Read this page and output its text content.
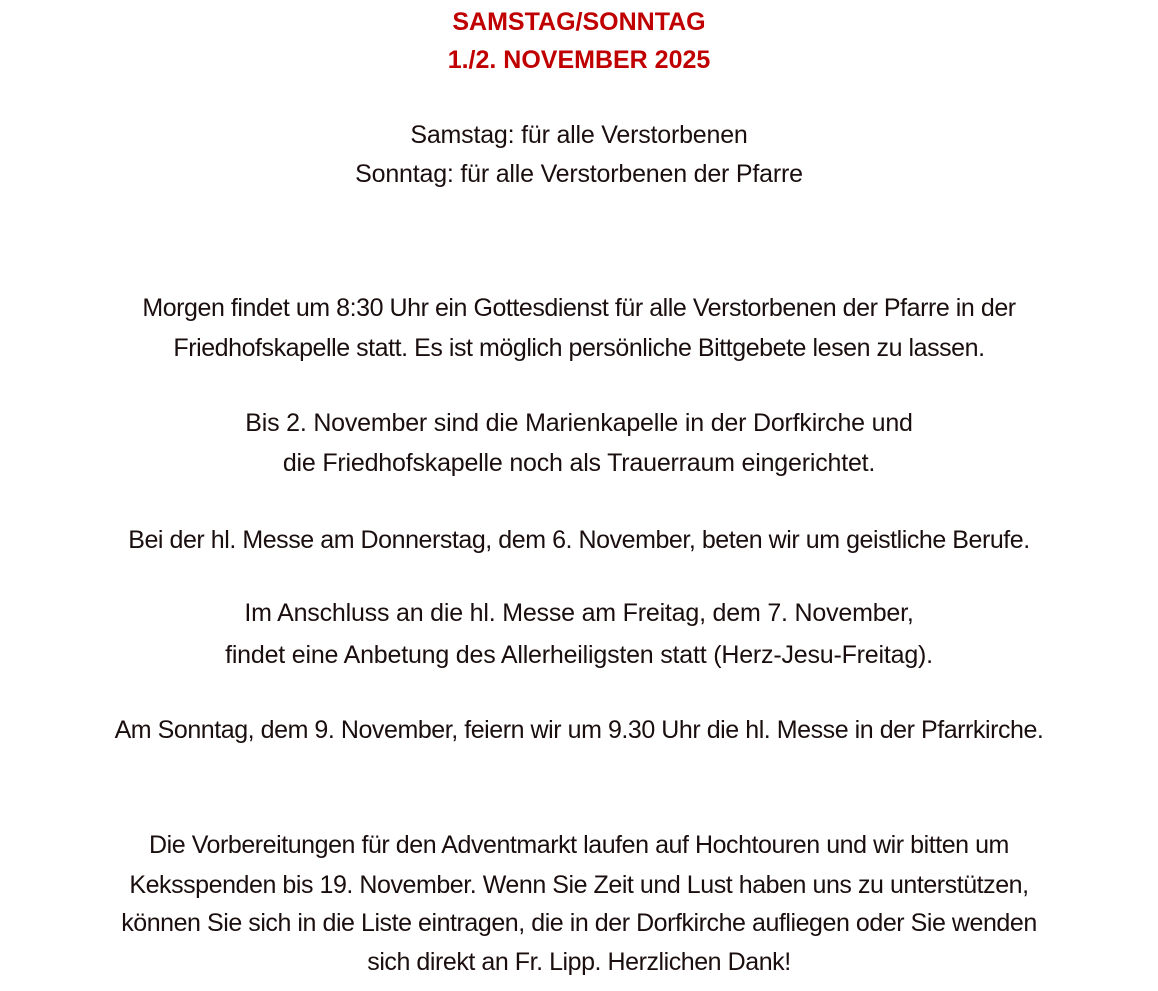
SAMSTAG/SONNTAG
1./2. NOVEMBER 2025
Samstag: für alle Verstorbenen
Sonntag: für alle Verstorbenen der Pfarre
Morgen findet um 8:30 Uhr ein Gottesdienst für alle Verstorbenen der Pfarre in der
Friedhofskapelle statt. Es ist möglich persönliche Bittgebete lesen zu lassen.
Bis 2. November sind die Marienkapelle in der Dorfkirche und
die Friedhofskapelle noch als Trauerraum eingerichtet.
Bei der hl. Messe am Donnerstag, dem 6. November, beten wir um geistliche Berufe.
Im Anschluss an die hl. Messe am Freitag, dem 7. November,
findet eine Anbetung des Allerheiligsten statt (Herz-Jesu-Freitag).
Am Sonntag, dem 9. November, feiern wir um 9.30 Uhr die hl. Messe in der Pfarrkirche.
Die Vorbereitungen für den Adventmarkt laufen auf Hochtouren und wir bitten um
Keksspenden bis 19. November. Wenn Sie Zeit und Lust haben uns zu unterstützen,
können Sie sich in die Liste eintragen, die in der Dorfkirche aufliegen oder Sie wenden
sich direkt an Fr. Lipp. Herzlichen Dank!
